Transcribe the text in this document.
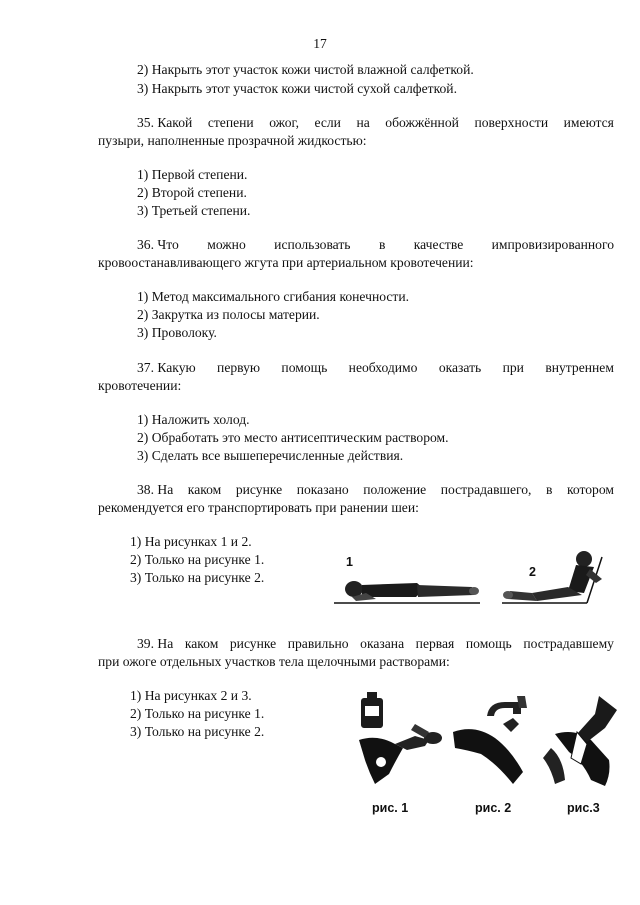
17
2) Накрыть этот участок кожи чистой влажной салфеткой.
3) Накрыть этот участок кожи чистой сухой салфеткой.
35. Какой степени ожог, если на обожжённой поверхности имеются
пузыри, наполненные прозрачной жидкостью:
1) Первой степени.
2) Второй степени.
3) Третьей степени.
36. Что можно использовать в качестве импровизированного
кровоостанавливающего жгута при артериальном кровотечении:
1) Метод максимального сгибания конечности.
2) Закрутка из полосы материи.
3) Проволоку.
37. Какую первую помощь необходимо оказать при внутреннем
кровотечении:
1) Наложить холод.
2) Обработать это место антисептическим раствором.
3) Сделать все вышеперечисленные действия.
38. На каком рисунке показано положение пострадавшего, в котором
рекомендуется его транспортировать при ранении шеи:
1) На рисунках 1 и 2.
2) Только на рисунке 1.
3) Только на рисунке 2.
1
2
39. На каком рисунке правильно оказана первая помощь пострадавшему
при ожоге отдельных участков тела щелочными растворами:
1) На рисунках 2 и 3.
2) Только на рисунке 1.
3) Только на рисунке 2.
рис. 1	рис. 2	рис.3
